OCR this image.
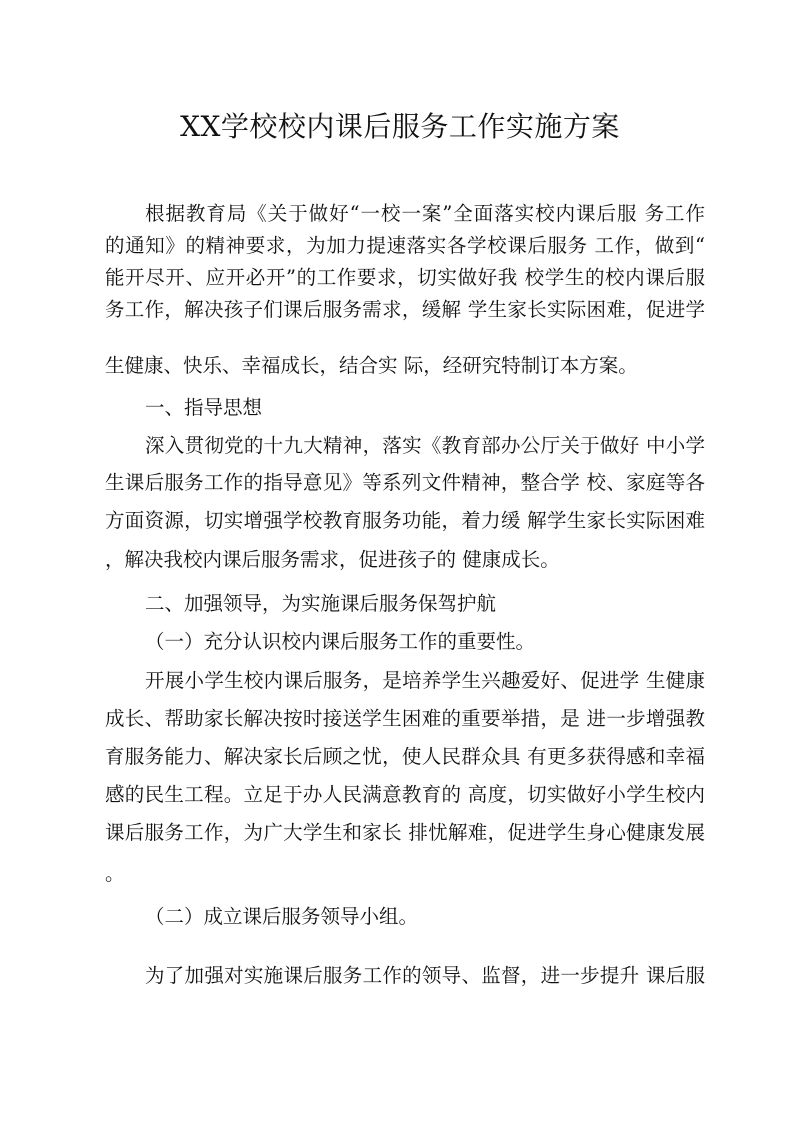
XX学校校内课后服务工作实施方案

根据教育局《关于做好“一校一案”全面落实校内课后服 务工作

的通知》的精神要求，为加力提速落实各学校课后服务 工作，做到“

能开尽开、应开必开”的工作要求，切实做好我 校学生的校内课后服

务工作，解决孩子们课后服务需求，缓解 学生家长实际困难，促进学

生健康、快乐、幸福成长，结合实 际，经研究特制订本方案。

一、指导思想

深入贯彻党的十九大精神，落实《教育部办公厅关于做好 中小学

生课后服务工作的指导意见》等系列文件精神，整合学 校、家庭等各

方面资源，切实增强学校教育服务功能，着力缓 解学生家长实际困难

，解决我校内课后服务需求，促进孩子的 健康成长。

二、加强领导，为实施课后服务保驾护航

（一）充分认识校内课后服务工作的重要性。

开展小学生校内课后服务，是培养学生兴趣爱好、促进学 生健康

成长、帮助家长解决按时接送学生困难的重要举措，是 进一步增强教

育服务能力、解决家长后顾之忧，使人民群众具 有更多获得感和幸福

感的民生工程。立足于办人民满意教育的 高度，切实做好小学生校内

课后服务工作，为广大学生和家长 排忧解难，促进学生身心健康发展

。

（二）成立课后服务领导小组。

为了加强对实施课后服务工作的领导、监督，进一步提升 课后服
